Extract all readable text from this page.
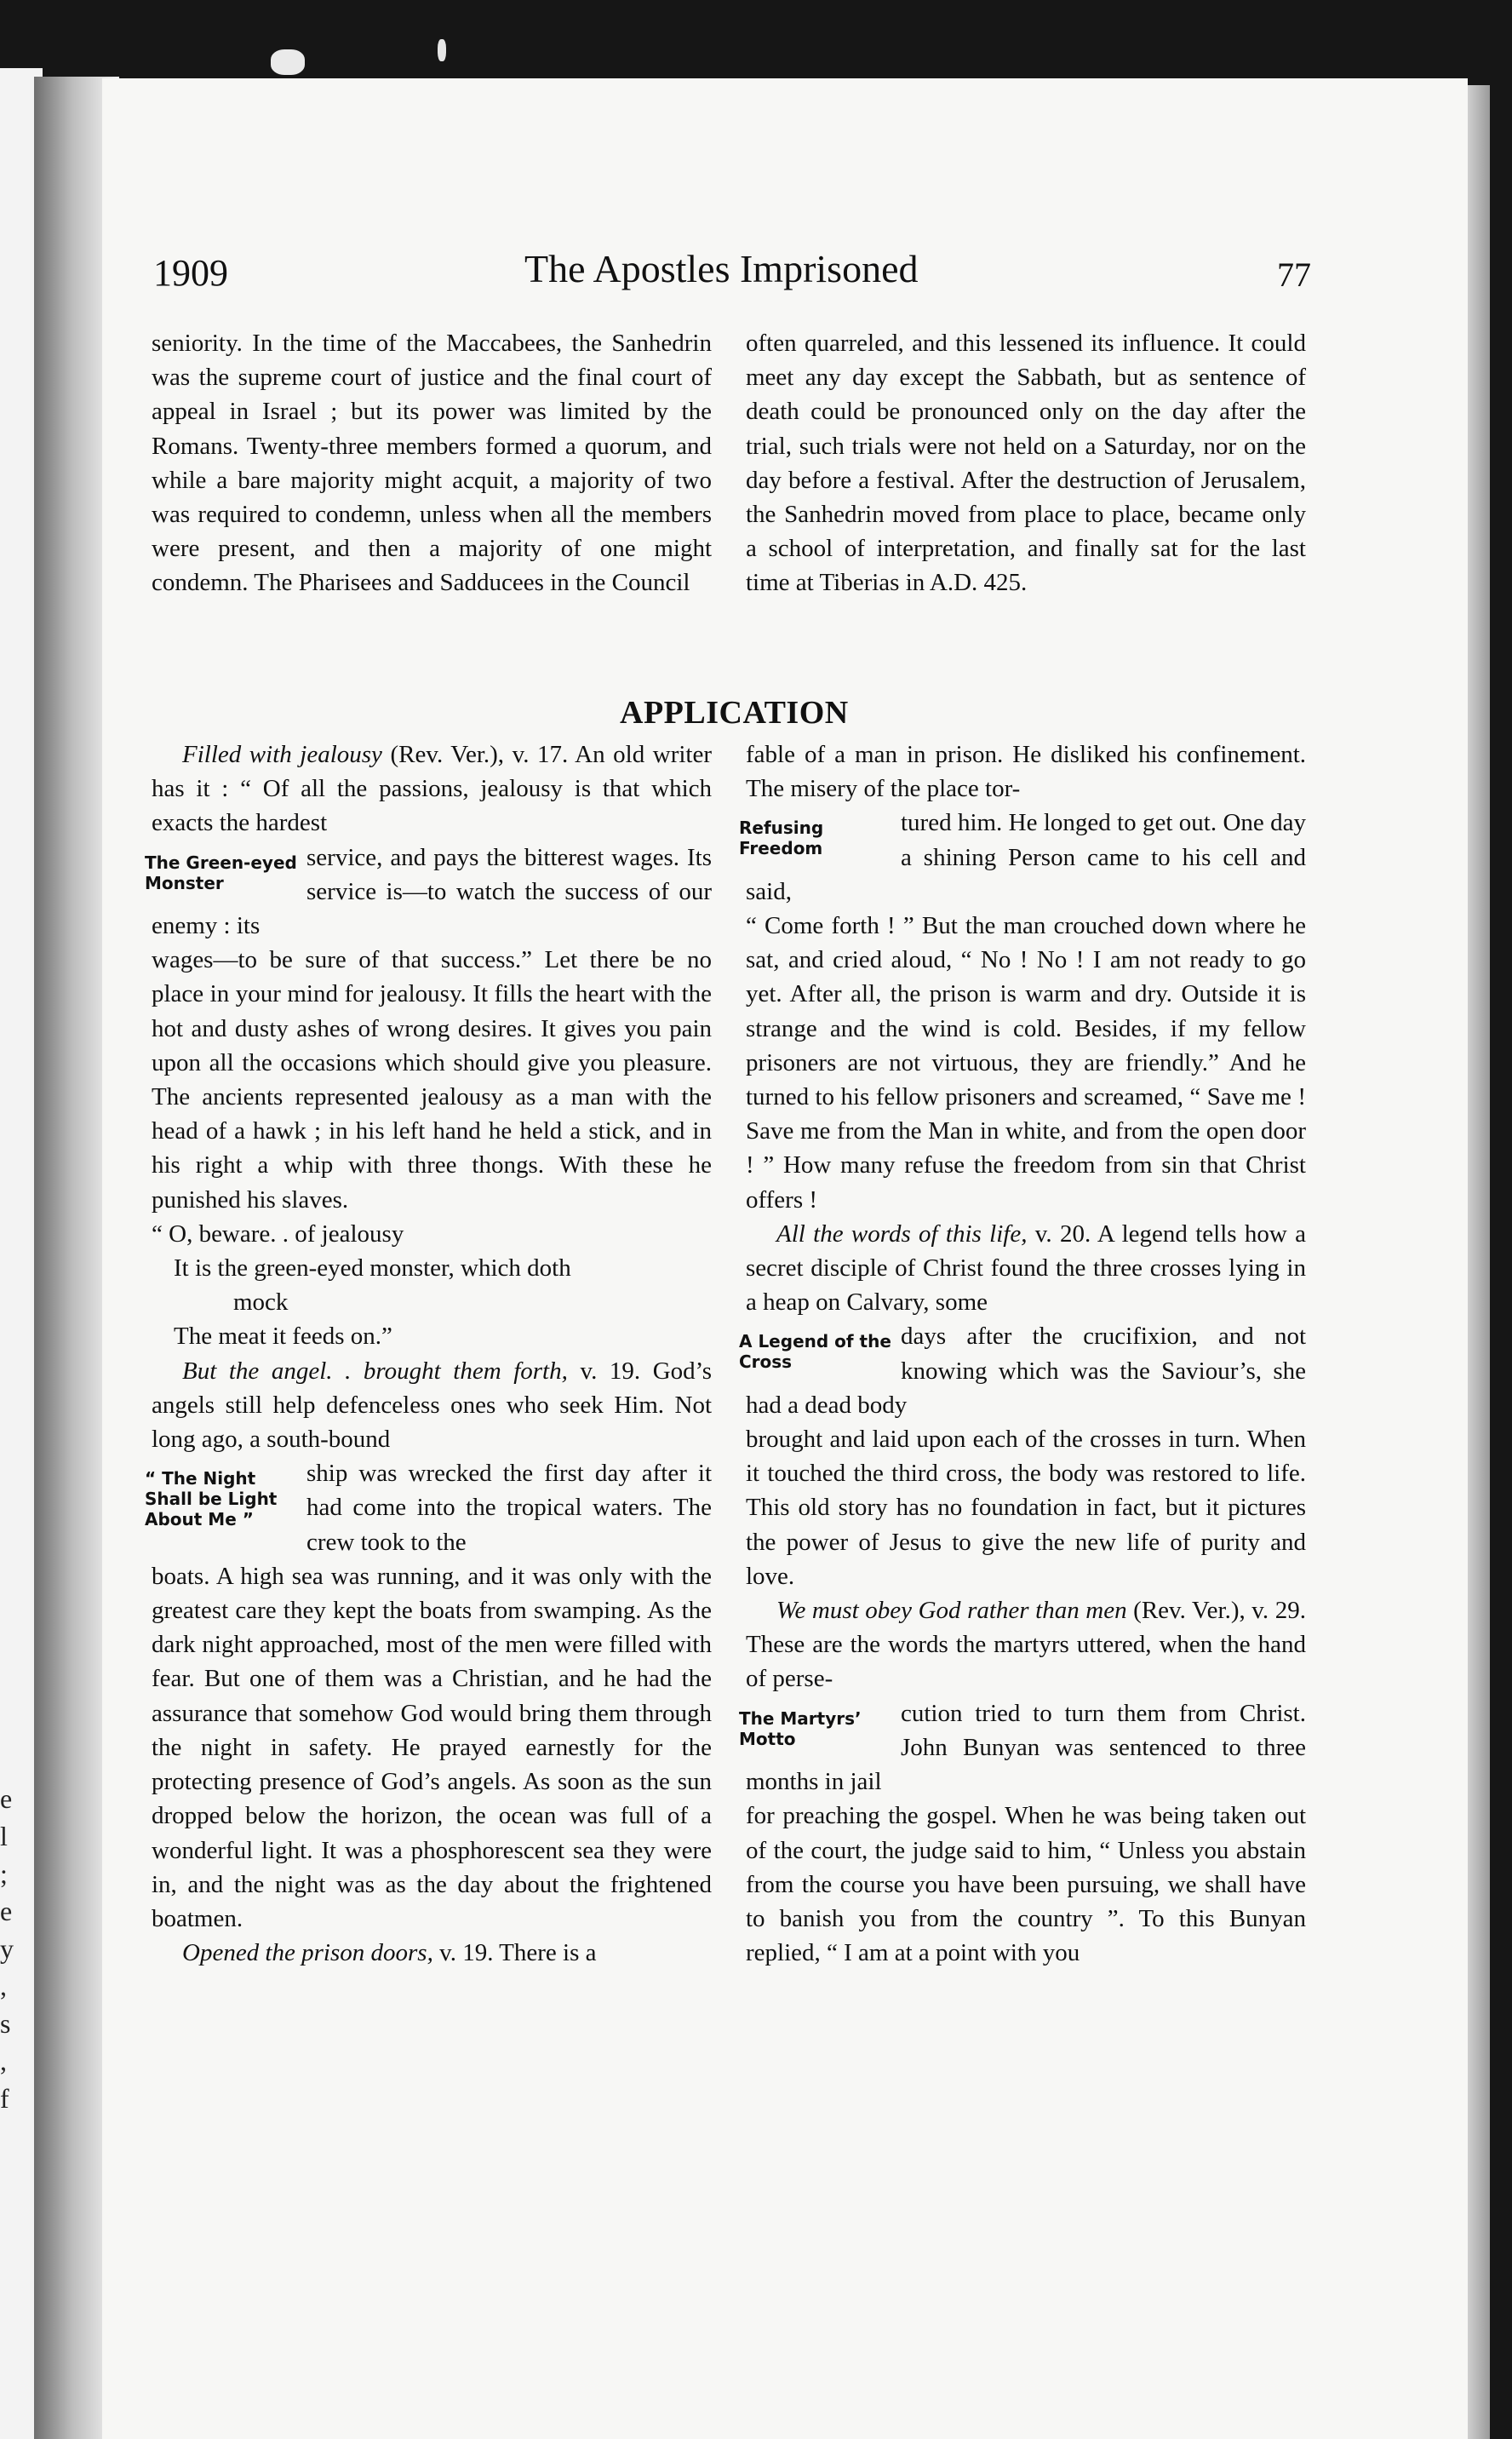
e
l
;
e
y
,
s
,
f
1909	The Apostles Imprisoned	77

seniority. In the time of the Maccabees, the Sanhedrin was the supreme court of justice and the final court of appeal in Israel ; but its power was limited by the Romans. Twenty-three members formed a quorum, and while a bare majority might acquit, a majority of two was required to condemn, unless when all the members were present, and then a majority of one might condemn. The Pharisees and Sadducees in the Council

often quarreled, and this lessened its influence. It could meet any day except the Sabbath, but as sentence of death could be pronounced only on the day after the trial, such trials were not held on a Saturday, nor on the day before a festival. After the destruction of Jerusalem, the Sanhedrin moved from place to place, became only a school of interpretation, and finally sat for the last time at Tiberias in A.D. 425.

APPLICATION

Filled with jealousy (Rev. Ver.), v. 17. An old writer has it : “ Of all the passions, jealousy is that which exacts the hardest

The Green-eyed Monster

service, and pays the bitterest wages. Its service is—to watch the success of our enemy : its

wages—to be sure of that success.” Let there be no place in your mind for jealousy. It fills the heart with the hot and dusty ashes of wrong desires. It gives you pain upon all the occasions which should give you pleasure. The ancients represented jealousy as a man with the head of a hawk ; in his left hand he held a stick, and in his right a whip with three thongs. With these he punished his slaves.

“ O, beware. . of jealousy
It is the green-eyed monster, which doth
mock
The meat it feeds on.”

But the angel. . brought them forth, v. 19. God’s angels still help defenceless ones who seek Him. Not long ago, a south-bound

“ The Night Shall be Light About Me ”

ship was wrecked the first day after it had come into the tropical waters. The crew took to the

boats. A high sea was running, and it was only with the greatest care they kept the boats from swamping. As the dark night approached, most of the men were filled with fear. But one of them was a Christian, and he had the assurance that somehow God would bring them through the night in safety. He prayed earnestly for the protecting presence of God’s angels. As soon as the sun dropped below the horizon, the ocean was full of a wonderful light. It was a phosphorescent sea they were in, and the night was as the day about the frightened boatmen.

Opened the prison doors, v. 19. There is a

fable of a man in prison. He disliked his confinement. The misery of the place tor-

Refusing Freedom

tured him. He longed to get out. One day a shining Person came to his cell and said,

“ Come forth ! ” But the man crouched down where he sat, and cried aloud, “ No ! No ! I am not ready to go yet. After all, the prison is warm and dry. Outside it is strange and the wind is cold. Besides, if my fellow prisoners are not virtuous, they are friendly.” And he turned to his fellow prisoners and screamed, “ Save me ! Save me from the Man in white, and from the open door ! ” How many refuse the freedom from sin that Christ offers !

All the words of this life, v. 20. A legend tells how a secret disciple of Christ found the three crosses lying in a heap on Calvary, some

A Legend of the Cross

days after the crucifixion, and not knowing which was the Saviour’s, she had a dead body

brought and laid upon each of the crosses in turn. When it touched the third cross, the body was restored to life. This old story has no foundation in fact, but it pictures the power of Jesus to give the new life of purity and love.

We must obey God rather than men (Rev. Ver.), v. 29. These are the words the martyrs uttered, when the hand of perse-

The Martyrs’ Motto

cution tried to turn them from Christ. John Bunyan was sentenced to three months in jail

for preaching the gospel. When he was being taken out of the court, the judge said to him, “ Unless you abstain from the course you have been pursuing, we shall have to banish you from the country ”. To this Bunyan replied, “ I am at a point with you
